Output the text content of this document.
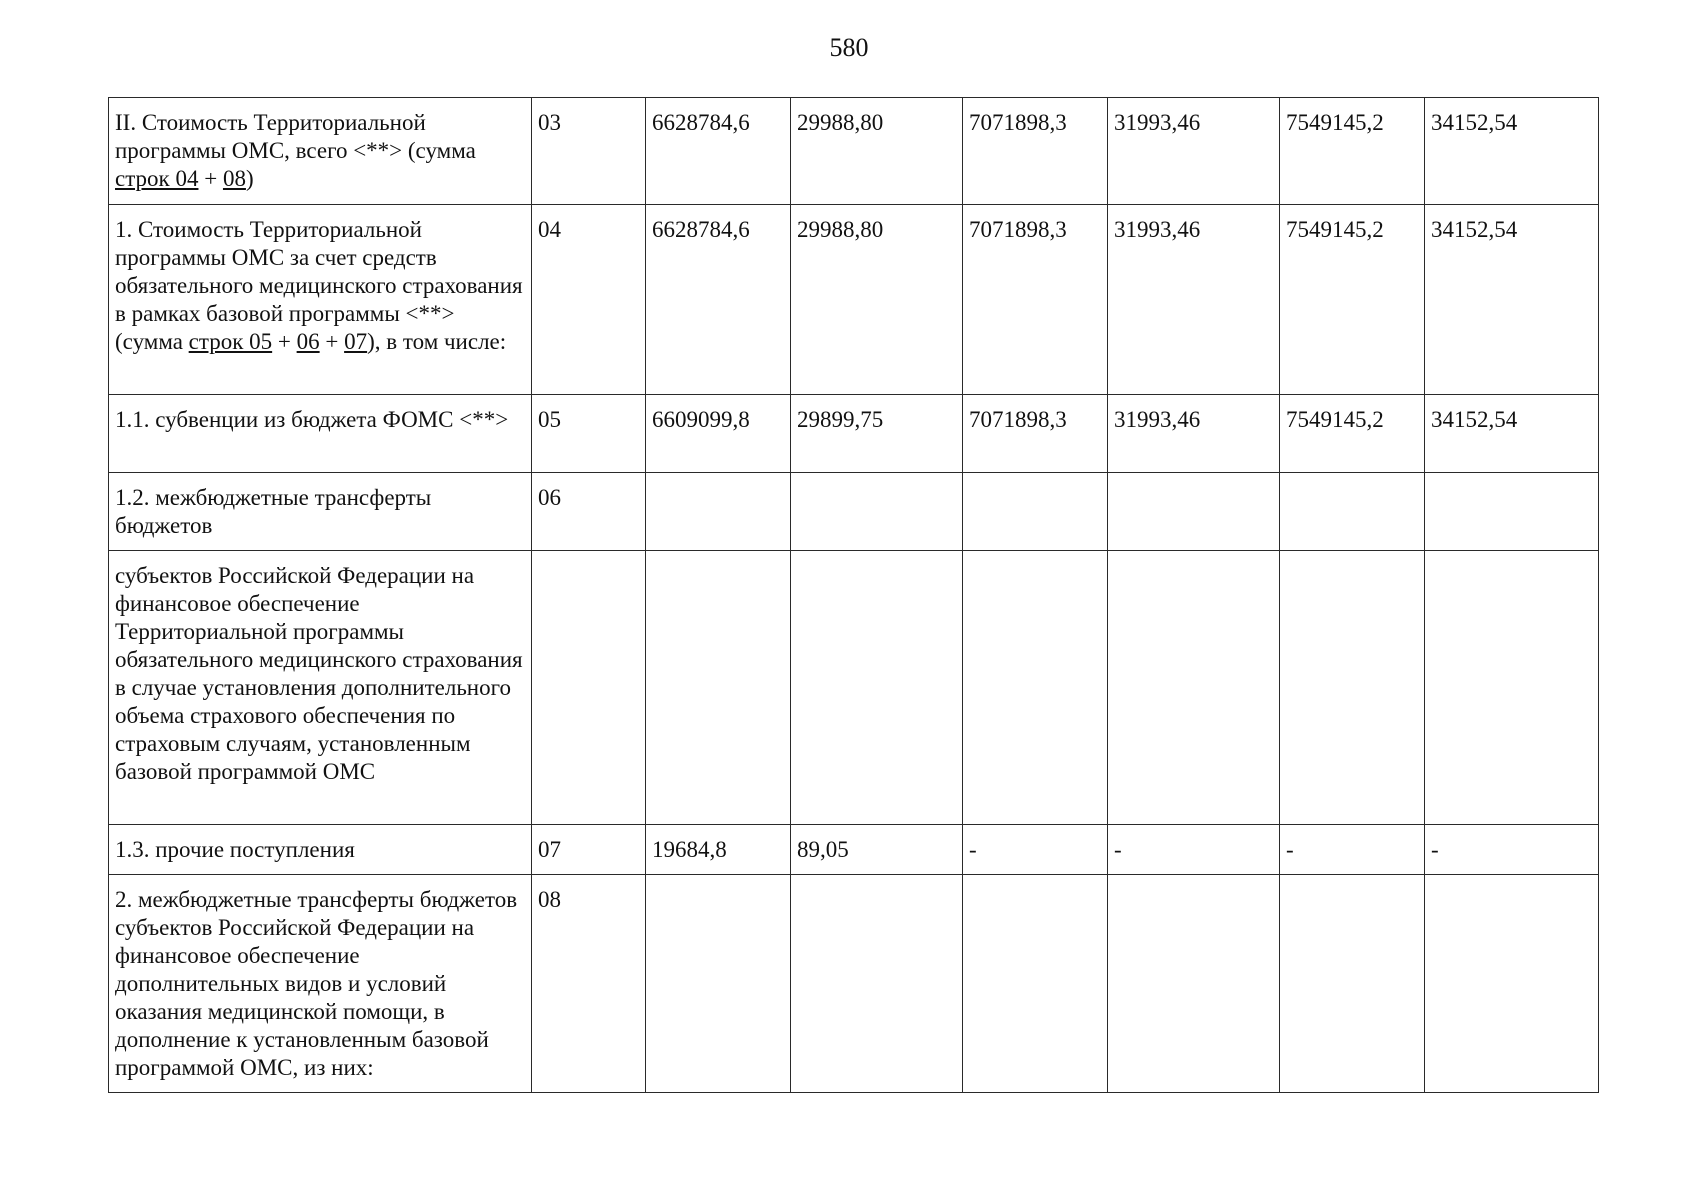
580
II. Стоимость Территориальной программы ОМС, всего <**> (сумма строк 04 + 08)	03	6628784,6	29988,80	7071898,3	31993,46	7549145,2	34152,54
1. Стоимость Территориальной программы ОМС за счет средств обязательного медицинского страхования в рамках базовой программы <**> (сумма строк 05 + 06 + 07), в том числе:	04	6628784,6	29988,80	7071898,3	31993,46	7549145,2	34152,54
1.1. субвенции из бюджета ФОМС <**>	05	6609099,8	29899,75	7071898,3	31993,46	7549145,2	34152,54
1.2. межбюджетные трансферты бюджетов	06						
субъектов Российской Федерации на финансовое обеспечение Территориальной программы обязательного медицинского страхования в случае установления дополнительного объема страхового обеспечения по страховым случаям, установленным базовой программой ОМС							
1.3. прочие поступления	07	19684,8	89,05	-	-	-	-
2. межбюджетные трансферты бюджетов субъектов Российской Федерации на финансовое обеспечение дополнительных видов и условий оказания медицинской помощи, в дополнение к установленным базовой программой ОМС, из них:	08						
